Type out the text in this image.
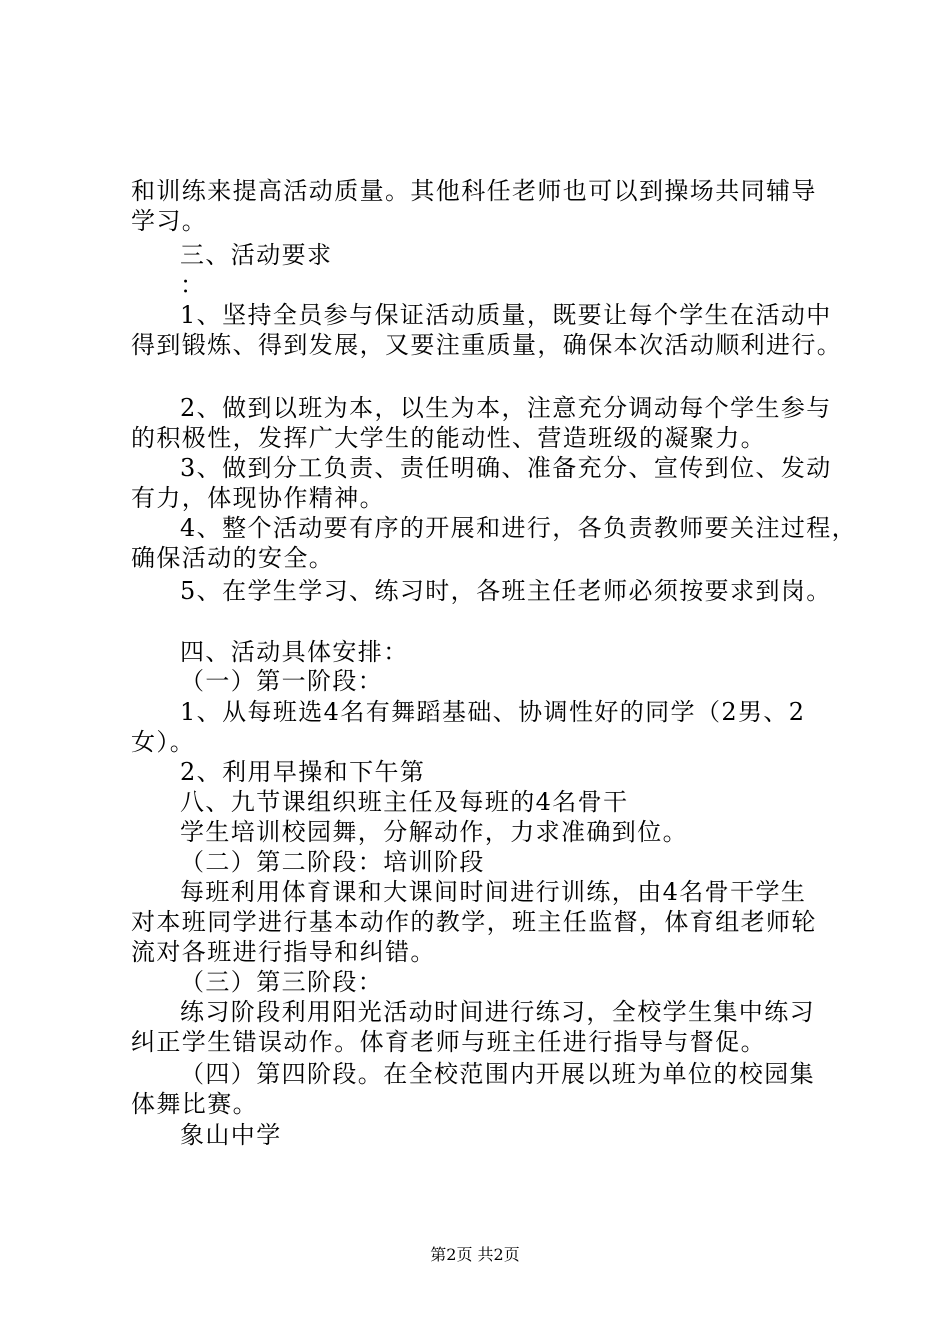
和训练来提高活动质量。其他科任老师也可以到操场共同辅导
学习。
三、活动要求
：
1、坚持全员参与保证活动质量，既要让每个学生在活动中
得到锻炼、得到发展，又要注重质量，确保本次活动顺利进行。
2、做到以班为本，以生为本，注意充分调动每个学生参与
的积极性，发挥广大学生的能动性、营造班级的凝聚力。
3、做到分工负责、责任明确、准备充分、宣传到位、发动
有力，体现协作精神。
4、整个活动要有序的开展和进行，各负责教师要关注过程，
确保活动的安全。
5、在学生学习、练习时，各班主任老师必须按要求到岗。
四、活动具体安排：
（一）第一阶段：
1、从每班选4名有舞蹈基础、协调性好的同学（2男、2
女）。
2、利用早操和下午第
八、九节课组织班主任及每班的4名骨干
学生培训校园舞，分解动作，力求准确到位。
（二）第二阶段：培训阶段
每班利用体育课和大课间时间进行训练，由4名骨干学生
对本班同学进行基本动作的教学，班主任监督，体育组老师轮
流对各班进行指导和纠错。
（三）第三阶段：
练习阶段利用阳光活动时间进行练习，全校学生集中练习
纠正学生错误动作。体育老师与班主任进行指导与督促。
（四）第四阶段。在全校范围内开展以班为单位的校园集
体舞比赛。
象山中学
第2页 共2页
